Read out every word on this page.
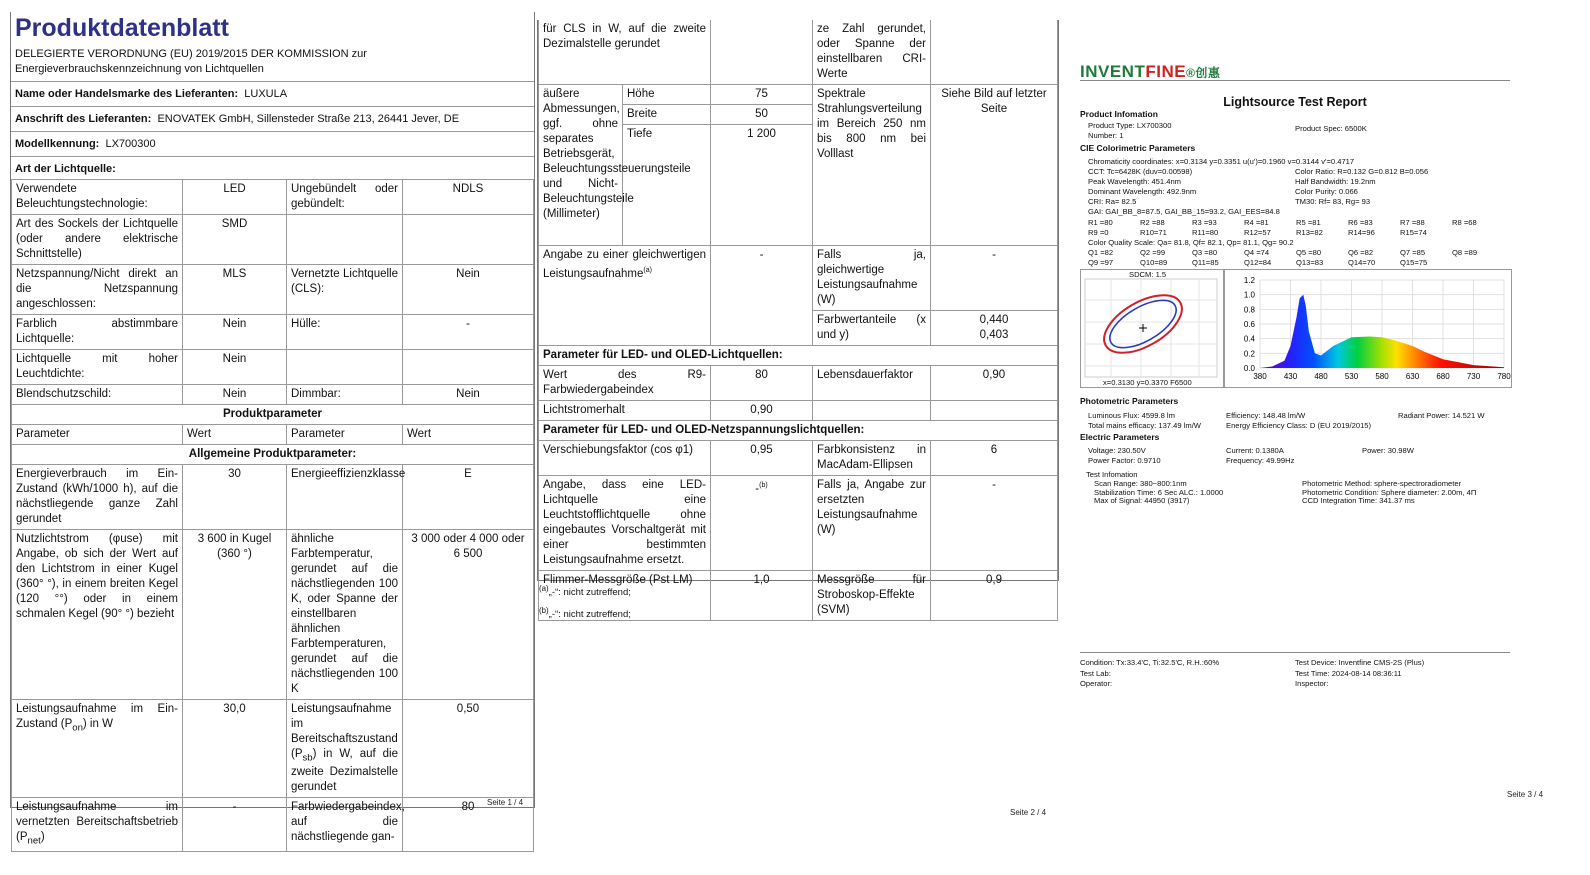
Produktdatenblatt
DELEGIERTE VERORDNUNG (EU) 2019/2015 DER KOMMISSION zur
Energieverbrauchskennzeichnung von Lichtquellen
Name oder Handelsmarke des Lieferanten: LUXULA
Anschrift des Lieferanten: ENOVATEK GmbH, Sillensteder Straße 213, 26441 Jever, DE
Modellkennung: LX700300
Art der Lichtquelle:
Verwendete Beleuchtungstechnologie:	LED	Ungebündelt oder gebündelt:	NDLS
Art des Sockels der Lichtquelle (oder andere elektrische Schnittstelle)	SMD		
Netzspannung/Nicht direkt an die Netzspannung angeschlossen:	MLS	Vernetzte Lichtquelle (CLS):	Nein
Farblich abstimmbare Lichtquelle:	Nein	Hülle:	-
Lichtquelle mit hoher Leuchtdichte:	Nein		
Blendschutzschild:	Nein	Dimmbar:	Nein
Produktparameter			
Parameter	Wert	Parameter	Wert
Allgemeine Produktparameter:			
Energieverbrauch im Ein-Zustand (kWh/1000 h), auf die nächstliegende ganze Zahl gerundet	30	Energieeffizienzklasse	E
Nutzlichtstrom (φuse) mit Angabe, ob sich der Wert auf den Lichtstrom in einer Kugel (360° °), in einem breiten Kegel (120 °°) oder in einem schmalen Kegel (90° °) bezieht	3 600 in Kugel (360 °)	ähnliche Farbtemperatur, gerundet auf die nächstliegenden 100 K, oder Spanne der einstellbaren ähnlichen Farbtemperaturen, gerundet auf die nächstliegenden 100 K	3 000 oder 4 000 oder 6 500
Leistungsaufnahme im Ein-Zustand $(P_{on})$ in W	30,0	Leistungsaufnahme im Bereitschaftszustand $(P_{sb})$ in W, auf die zweite Dezimalstelle gerundet	0,50
Leistungsaufnahme im vernetzten Bereitschaftsbetrieb $(P_{net})$	-	Farbwiedergabeindex, auf die nächstliegende gan-	80 Seite 1 / 4
für CLS in W, auf die zweite Dezimalstelle gerundet			ze Zahl gerundet, oder Spanne der einstellbaren CRI-Werte	
äußere Abmessungen, ggf. ohne separates Betriebsgerät, Beleuchtungssteuerungsteile und Nicht-Beleuchtungsteile (Millimeter)	Höhe	75	Spektrale Strahlungsverteilung im Bereich 250 nm bis 800 nm bei Volllast	Siehe Bild auf letzter Seite
	Breite	50		
	Tiefe	1 200		
Angabe zu einer gleichwertigen Leistungsaufnahme$^{(a)}$		-	Falls ja, gleichwertige Leistungsaufnahme (W)	-
			Farbwertanteile (x und y)	0,440
0,403

Parameter für LED- und OLED-Lichtquellen:				
Wert des R9-Farbwiedergabeindex		80	Lebensdauerfaktor	0,90
Lichtstromerhalt		0,90		
Parameter für LED- und OLED-Netzspannungslichtquellen:				
Verschiebungsfaktor (cos φ1)		0,95	Farbkonsistenz in MacAdam-Ellipsen	6
Angabe, dass eine LED-Lichtquelle eine Leuchtstofflichtquelle ohne eingebautes Vorschaltgerät mit einer bestimmten Leistungsaufnahme ersetzt.		-$^{(b)}$	Falls ja, Angabe zur ersetzten Leistungsaufnahme (W)	-
Flimmer-Messgröße (Pst LM)		1,0	Messgröße für Stroboskop-Effekte (SVM)	0,9
$^{(a)}$„-“: nicht zutreffend;
$^{(b)}$„-“: nicht zutreffend;
Seite 2 / 4
INVENTFINE®创惠
Lightsource Test Report
Product Infomation
Product Type: LX700300	Product Spec: 6500K
Number: 1
CIE Colorimetric Parameters
Chromaticity coordinates: x=0.3134 y=0.3351 u(u')=0.1960 v=0.3144 v'=0.4717
CCT: Tc=6428K (duv=0.00598)
Peak Wavelength: 451.4nm
Dominant Wavelength: 492.9nm
CRI: Ra= 82.5
GAI: GAI_BB_8=87.5, GAI_BB_15=93.2, GAI_EES=84.8
Color Ratio: R=0.132 G=0.812 B=0.056
Half Bandwidth: 19.2nm
Color Purity: 0.066
TM30: Rf= 83, Rg= 93
R1 =80	R2 =88	R3 =93	R4 =81	R5 =81	R6 =83	R7 =88	R8 =68
R9 =0	R10=71	R11=80	R12=57	R13=82	R14=96	R15=74
Color Quality Scale: Qa= 81.8, Qf= 82.1, Qp= 81.1, Qg= 90.2
Q1 =82	Q2 =99	Q3 =80	Q4 =74	Q5 =80	Q6 =82	Q7 =85	Q8 =89
Q9 =97	Q10=89	Q11=85	Q12=84	Q13=83	Q14=70	Q15=75
SDCM: 1.5
x=0.3130 y=0.3370 F6500
0.0
0.2
0.4
0.6
0.8
1.0
1.2
380 430 480 530 580 630 680 730 780
Photometric Parameters
Luminous Flux: 4599.8 lm	Efficiency: 148.48 lm/W	Radiant Power: 14.521 W
Total mains efficacy: 137.49 lm/W	Energy Efficiency Class: D (EU 2019/2015)
Electric Parameters
Voltage: 230.50V	Current: 0.1380A	Power: 30.98W
Power Factor: 0.9710	Frequency: 49.99Hz
Test Infomation
Scan Range: 380~800:1nm
Stabilization Time: 6 Sec ALC.: 1.0000
Max of Signal: 44950 (3917)
Photometric Method: sphere-spectroradiometer
Photometric Condition: Sphere diameter: 2.00m, 4Π
CCD Integration Time: 341.37 ms
Condition: Tx:33.4'C, Ti:32.5'C, R.H.:60%	Test Device: Inventfine CMS-2S (Plus)
Test Lab:	Test Time: 2024-08-14 08:36:11
Operator:	Inspector:
Seite 3 / 4
